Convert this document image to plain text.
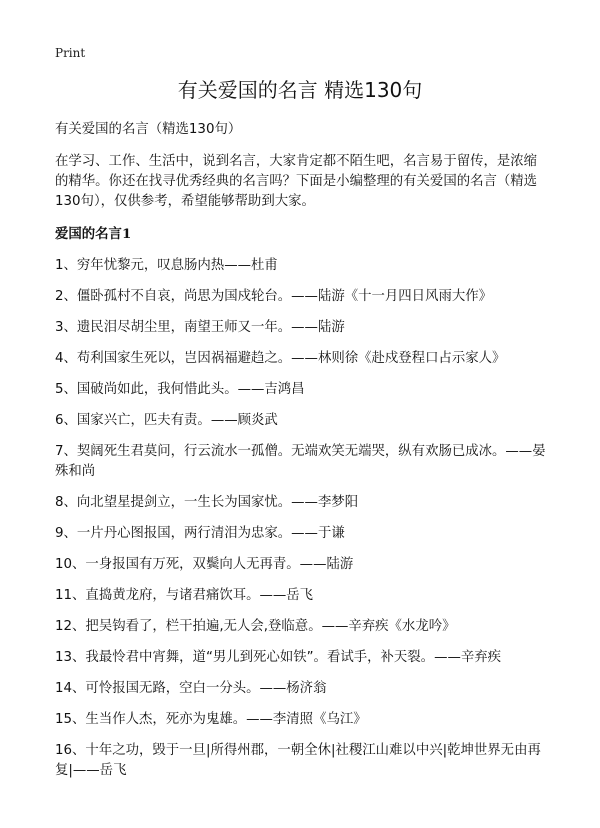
Print
有关爱国的名言 精选130句

有关爱国的名言（精选130句）

在学习、工作、生活中，说到名言，大家肯定都不陌生吧，名言易于留传，是浓缩的精华。你还在找寻优秀经典的名言吗？下面是小编整理的有关爱国的名言（精选130句），仅供参考，希望能够帮助到大家。

爱国的名言1
1、穷年忧黎元，叹息肠内热——杜甫
2、僵卧孤村不自哀，尚思为国戍轮台。——陆游《十一月四日风雨大作》
3、遗民泪尽胡尘里，南望王师又一年。——陆游
4、苟利国家生死以，岂因祸福避趋之。——林则徐《赴戍登程口占示家人》
5、国破尚如此，我何惜此头。——吉鸿昌
6、国家兴亡，匹夫有责。——顾炎武
7、契阔死生君莫问，行云流水一孤僧。无端欢笑无端哭，纵有欢肠已成冰。——晏殊和尚
8、向北望星提剑立，一生长为国家忧。——李梦阳
9、一片丹心图报国，两行清泪为忠家。——于谦
10、一身报国有万死，双鬓向人无再青。——陆游
11、直捣黄龙府，与诸君痛饮耳。——岳飞
12、把吴钩看了，栏干拍遍,无人会,登临意。——辛弃疾《水龙吟》
13、我最怜君中宵舞，道“男儿到死心如铁”。看试手，补天裂。——辛弃疾
14、可怜报国无路，空白一分头。——杨济翁
15、生当作人杰，死亦为鬼雄。——李清照《乌江》
16、十年之功，毁于一旦|所得州郡，一朝全休|社稷江山难以中兴|乾坤世界无由再复|——岳飞
